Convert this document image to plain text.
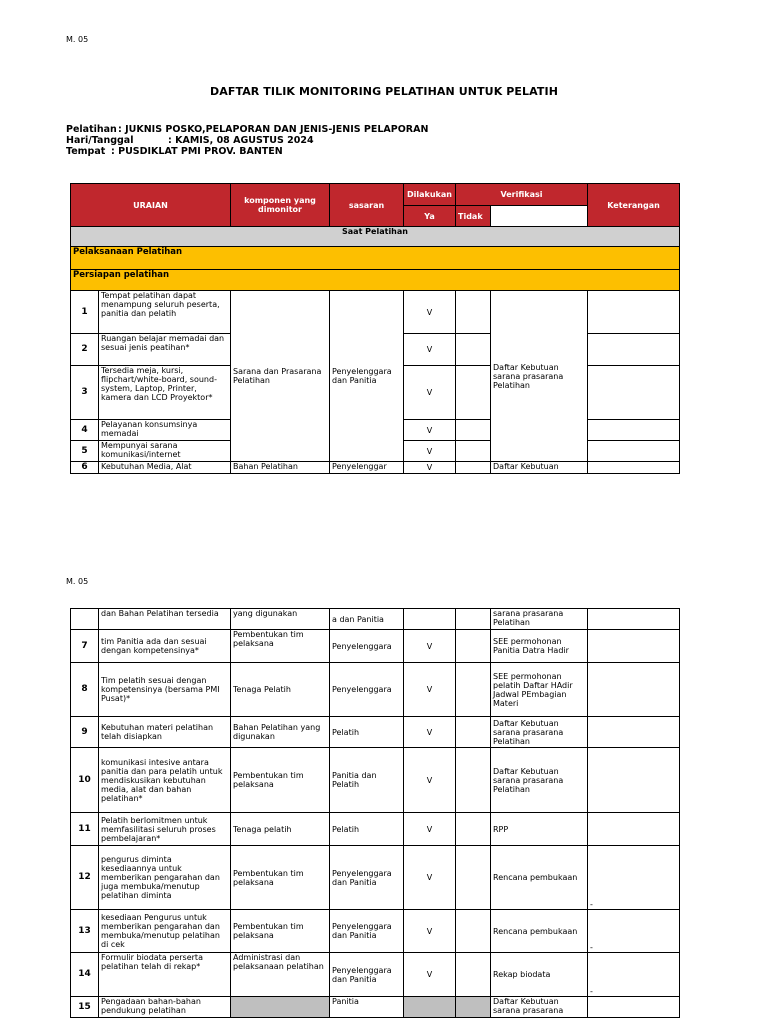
M. 05
DAFTAR TILIK MONITORING PELATIHAN UNTUK PELATIH
Pelatihan: JUKNIS POSKO,PELAPORAN DAN JENIS-JENIS PELAPORAN
Hari/Tanggal	: KAMIS, 08 AGUSTUS 2024
Tempat : PUSDIKLAT PMI PROV. BANTEN
URAIAN		komponen yang dimonitor	sasaran	Dilakukan	Verifikasi		Keterangan
				Ya	Tidak		
Saat Pelatihan							
Pelaksanaan Pelatihan							
Persiapan pelatihan							
1	Tempat pelatihan dapat menampung seluruh peserta, panitia dan pelatih	Sarana dan Prasarana Pelatihan	Penyelenggara dan Panitia	V		Daftar Kebutuan sarana prasarana Pelatihan	
2	Ruangan belajar memadai dan sesuai jenis peatihan*			V			
3	Tersedia meja, kursi, flipchart/white-board, sound-system, Laptop, Printer, kamera dan LCD Proyektor*			V			
4	Pelayanan konsumsinya memadai			V			
5	Mempunyai sarana komunikasi/internet			V			
6	Kebutuhan Media, Alat	Bahan Pelatihan	Penyelenggar	V		Daftar Kebutuan	
M. 05
	dan Bahan Pelatihan tersedia	yang digunakan	a dan Panitia			sarana prasarana Pelatihan	
7	tim Panitia ada dan sesuai dengan kompetensinya*	Pembentukan tim pelaksana	Penyelenggara	V		SEE permohonan Panitia Datra Hadir	
8	Tim pelatih sesuai dengan kompetensinya (bersama PMI Pusat)*	Tenaga Pelatih	Penyelenggara	V		SEE permohonan pelatih Daftar HAdir Jadwal PEmbagian Materi	
9	Kebutuhan materi pelatihan telah disiapkan	Bahan Pelatihan yang digunakan	Pelatih	V		Daftar Kebutuan sarana prasarana Pelatihan	
10	komunikasi intesive antara panitia dan para pelatih untuk mendiskusikan kebutuhan media, alat dan bahan pelatihan*	Pembentukan tim pelaksana	Panitia dan Pelatih	V		Daftar Kebutuan sarana prasarana Pelatihan	
11	Pelatih berlomitmen untuk memfasilitasi seluruh proses pembelajaran*	Tenaga pelatih	Pelatih	V		RPP	
12	pengurus diminta kesediaannya untuk memberikan pengarahan dan juga membuka/menutup pelatihan diminta	Pembentukan tim pelaksana	Penyelenggara dan Panitia	V		Rencana pembukaan	-
13	kesediaan Pengurus untuk memberikan pengarahan dan membuka/menutup pelatihan di cek	Pembentukan tim pelaksana	Penyelenggara dan Panitia	V		Rencana pembukaan	-
14	Formulir biodata perserta pelatihan telah di rekap*	Administrasi dan pelaksanaan pelatihan	Penyelenggara dan Panitia	V		Rekap biodata	-
15	Pengadaan bahan-bahan pendukung pelatihan		Panitia			Daftar Kebutuan sarana prasarana	
